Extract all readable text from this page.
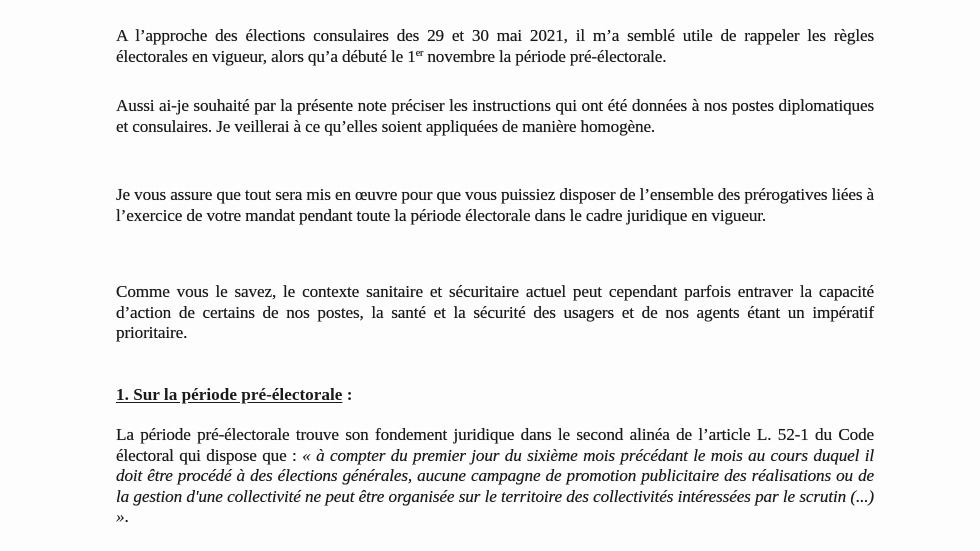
A l’approche des élections consulaires des 29 et 30 mai 2021, il m’a semblé utile de rappeler les règles électorales en vigueur, alors qu’a débuté le 1er novembre la période pré-électorale.

Aussi ai-je souhaité par la présente note préciser les instructions qui ont été données à nos postes diplomatiques et consulaires. Je veillerai à ce qu’elles soient appliquées de manière homogène.

Je vous assure que tout sera mis en œuvre pour que vous puissiez disposer de l’ensemble des prérogatives liées à l’exercice de votre mandat pendant toute la période électorale dans le cadre juridique en vigueur.

Comme vous le savez, le contexte sanitaire et sécuritaire actuel peut cependant parfois entraver la capacité d’action de certains de nos postes, la santé et la sécurité des usagers et de nos agents étant un impératif prioritaire.

1. Sur la période pré-électorale :

La période pré-électorale trouve son fondement juridique dans le second alinéa de l’article L. 52-1 du Code électoral qui dispose que : « à compter du premier jour du sixième mois précédant le mois au cours duquel il doit être procédé à des élections générales, aucune campagne de promotion publicitaire des réalisations ou de la gestion d'une collectivité ne peut être organisée sur le territoire des collectivités intéressées par le scrutin (...) ».
